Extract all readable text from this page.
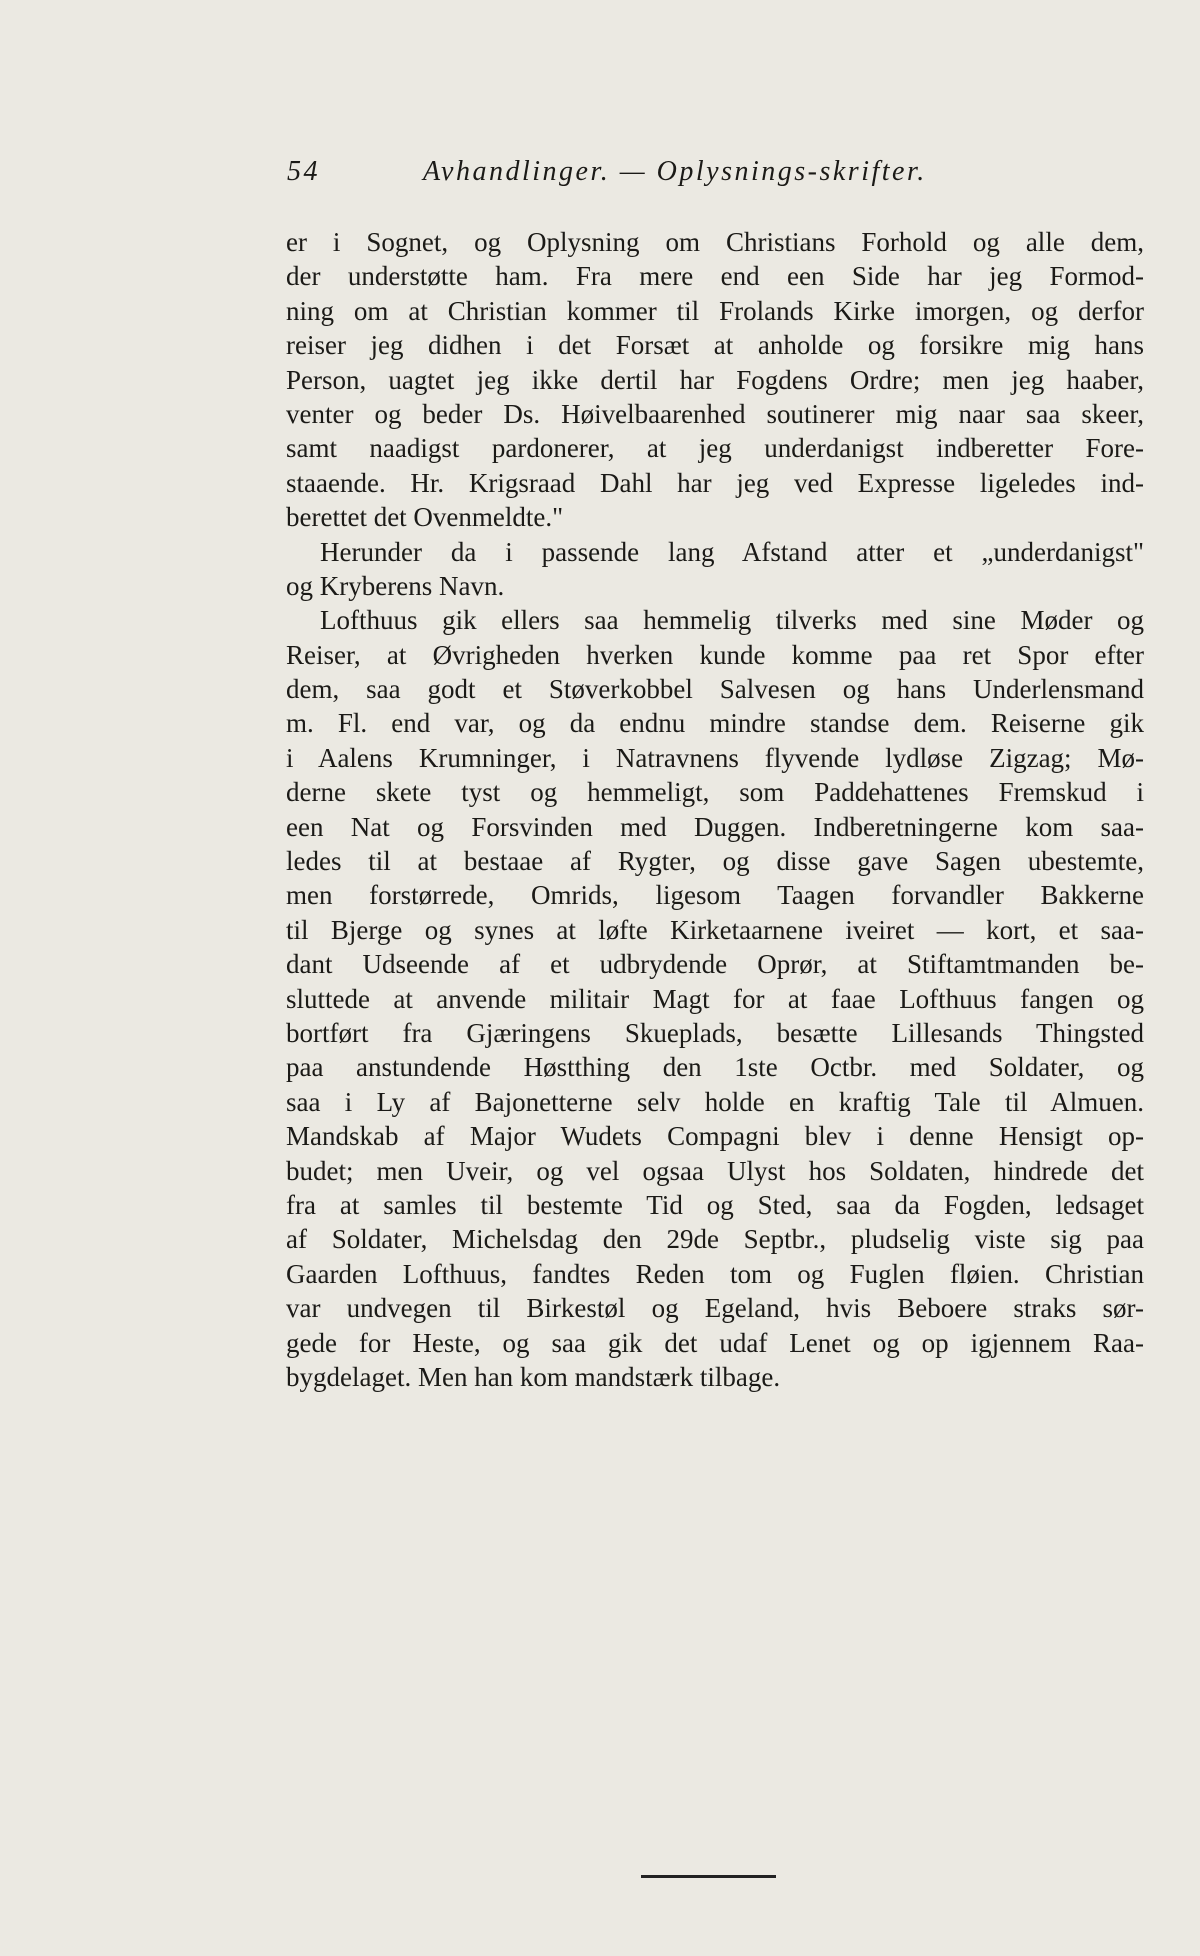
54	Avhandlinger. — Oplysnings-skrifter.
er i Sognet, og Oplysning om Christians Forhold og alle dem,
der understøtte ham. Fra mere end een Side har jeg Formod-
ning om at Christian kommer til Frolands Kirke imorgen, og derfor
reiser jeg didhen i det Forsæt at anholde og forsikre mig hans
Person, uagtet jeg ikke dertil har Fogdens Ordre; men jeg haaber,
venter og beder Ds. Høivelbaarenhed soutinerer mig naar saa skeer,
samt naadigst pardonerer, at jeg underdanigst indberetter Fore-
staaende. Hr. Krigsraad Dahl har jeg ved Expresse ligeledes ind-
berettet det Ovenmeldte."
Herunder da i passende lang Afstand atter et „underdanigst"
og Kryberens Navn.
Lofthuus gik ellers saa hemmelig tilverks med sine Møder og
Reiser, at Øvrigheden hverken kunde komme paa ret Spor efter
dem, saa godt et Støverkobbel Salvesen og hans Underlensmand
m. Fl. end var, og da endnu mindre standse dem. Reiserne gik
i Aalens Krumninger, i Natravnens flyvende lydløse Zigzag; Mø-
derne skete tyst og hemmeligt, som Paddehattenes Fremskud i
een Nat og Forsvinden med Duggen. Indberetningerne kom saa-
ledes til at bestaae af Rygter, og disse gave Sagen ubestemte,
men forstørrede, Omrids, ligesom Taagen forvandler Bakkerne
til Bjerge og synes at løfte Kirketaarnene iveiret — kort, et saa-
dant Udseende af et udbrydende Oprør, at Stiftamtmanden be-
sluttede at anvende militair Magt for at faae Lofthuus fangen og
bortført fra Gjæringens Skueplads, besætte Lillesands Thingsted
paa anstundende Høstthing den 1ste Octbr. med Soldater, og
saa i Ly af Bajonetterne selv holde en kraftig Tale til Almuen.
Mandskab af Major Wudets Compagni blev i denne Hensigt op-
budet; men Uveir, og vel ogsaa Ulyst hos Soldaten, hindrede det
fra at samles til bestemte Tid og Sted, saa da Fogden, ledsaget
af Soldater, Michelsdag den 29de Septbr., pludselig viste sig paa
Gaarden Lofthuus, fandtes Reden tom og Fuglen fløien. Christian
var undvegen til Birkestøl og Egeland, hvis Beboere straks sør-
gede for Heste, og saa gik det udaf Lenet og op igjennem Raa-
bygdelaget. Men han kom mandstærk tilbage.
